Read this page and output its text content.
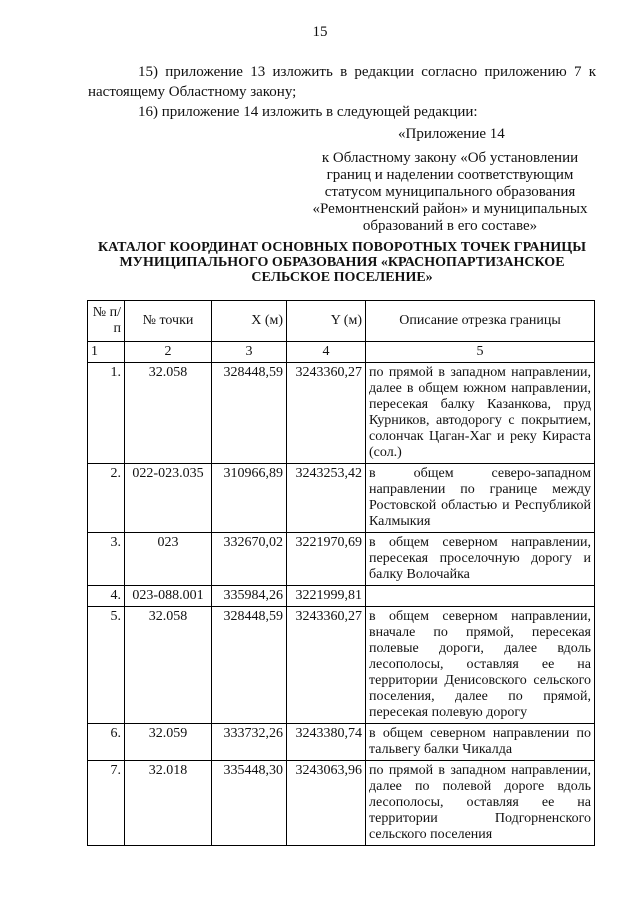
15
15) приложение 13 изложить в редакции согласно приложению 7 к настоящему Областному закону;
16) приложение 14 изложить в следующей редакции:
«Приложение 14
к Областному закону «Об установлении границ и наделении соответствующим статусом муниципального образования «Ремонтненский район» и муниципальных образований в его составе»
КАТАЛОГ КООРДИНАТ ОСНОВНЫХ ПОВОРОТНЫХ ТОЧЕК ГРАНИЦЫ МУНИЦИПАЛЬНОГО ОБРАЗОВАНИЯ «КРАСНОПАРТИЗАНСКОЕ СЕЛЬСКОЕ ПОСЕЛЕНИЕ»
№ п/п	№ точки	X (м)	Y (м)	Описание отрезка границы
1	2	3	4	5
1.	32.058	328448,59	3243360,27	по прямой в западном направлении, далее в общем южном направлении, пересекая балку Казанкова, пруд Курников, автодорогу с покрытием, солончак Цаган-Хаг и реку Кираста (сол.)
2.	022-023.035	310966,89	3243253,42	в общем северо-западном направлении по границе между Ростовской областью и Республикой Калмыкия
3.	023	332670,02	3221970,69	в общем северном направлении, пересекая проселочную дорогу и балку Волочайка
4.	023-088.001	335984,26	3221999,81	
5.	32.058	328448,59	3243360,27	в общем северном направлении, вначале по прямой, пересекая полевые дороги, далее вдоль лесополосы, оставляя ее на территории Денисовского сельского поселения, далее по прямой, пересекая полевую дорогу
6.	32.059	333732,26	3243380,74	в общем северном направлении по тальвегу балки Чикалда
7.	32.018	335448,30	3243063,96	по прямой в западном направлении, далее по полевой дороге вдоль лесополосы, оставляя ее на территории Подгорненского сельского поселения
